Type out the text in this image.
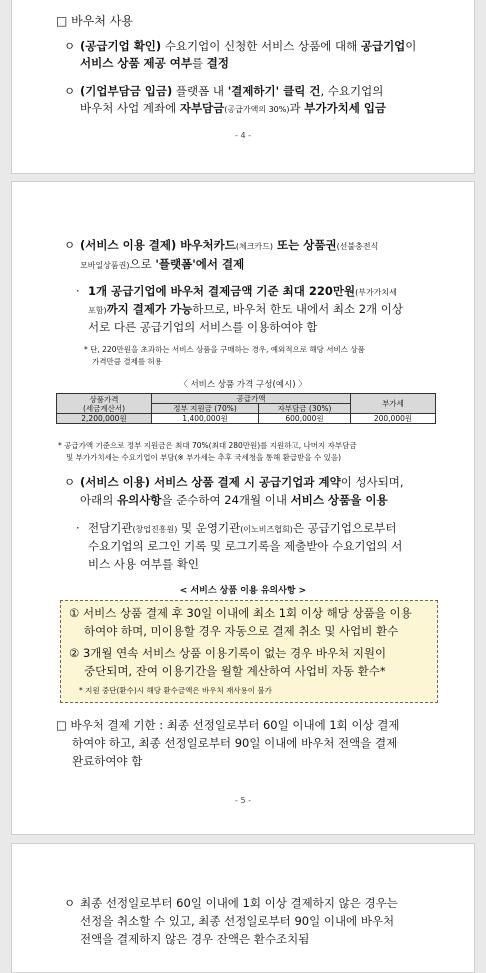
□ 바우처 사용
ㅇ (공급기업 확인) 수요기업이 신청한 서비스 상품에 대해 공급기업이
서비스 상품 제공 여부를 결정
ㅇ (기업부담금 입금) 플랫폼 내 '결제하기' 클릭 건, 수요기업의
바우처 사업 계좌에 자부담금(공급가액의 30%)과 부가가치세 입금
- 4 -
ㅇ (서비스 이용 결제) 바우처카드(체크카드) 또는 상품권(선불충전식
모바일상품권)으로 '플랫폼'에서 결제
· 1개 공급기업에 바우처 결제금액 기준 최대 220만원(부가가치세
포함)까지 결제가 가능하므로, 바우처 한도 내에서 최소 2개 이상
서로 다른 공급기업의 서비스를 이용하여야 함
* 단, 220만원을 초과하는 서비스 상품을 구매하는 경우, 예외적으로 해당 서비스 상품
가격만큼 결제를 허용
〈 서비스 상품 가격 구성(예시) 〉
상품가격
(세금계산서)	공급가액		부가세
	정부 지원금 (70%)	자부담금 (30%)	
2,200,000원	1,400,000원	600,000원	200,000원
* 공급가액 기준으로 정부 지원금은 최대 70%(최대 280만원)를 지원하고, 나머지 자부담금
및 부가가치세는 수요기업이 부담(※ 부가세는 추후 국세청을 통해 환급받을 수 있음)
ㅇ (서비스 이용) 서비스 상품 결제 시 공급기업과 계약이 성사되며,
아래의 유의사항을 준수하여 24개월 이내 서비스 상품을 이용
· 전담기관(창업진흥원) 및 운영기관(이노비즈협회)은 공급기업으로부터
수요기업의 로그인 기록 및 로그기록을 제출받아 수요기업의 서
비스 사용 여부를 확인
< 서비스 상품 이용 유의사항 >
① 서비스 상품 결제 후 30일 이내에 최소 1회 이상 해당 상품을 이용
하여야 하며, 미이용할 경우 자동으로 결제 취소 및 사업비 환수
② 3개월 연속 서비스 상품 이용기록이 없는 경우 바우처 지원이
중단되며, 잔여 이용기간을 월할 계산하여 사업비 자동 환수*
* 지원 중단(환수)시 해당 환수금액은 바우처 재사용이 불가
□ 바우처 결제 기한 : 최종 선정일로부터 60일 이내에 1회 이상 결제
하여야 하고, 최종 선정일로부터 90일 이내에 바우처 전액을 결제
완료하여야 함
- 5 -
ㅇ 최종 선정일로부터 60일 이내에 1회 이상 결제하지 않은 경우는
선정을 취소할 수 있고, 최종 선정일로부터 90일 이내에 바우처
전액을 결제하지 않은 경우 잔액은 환수조치됨
